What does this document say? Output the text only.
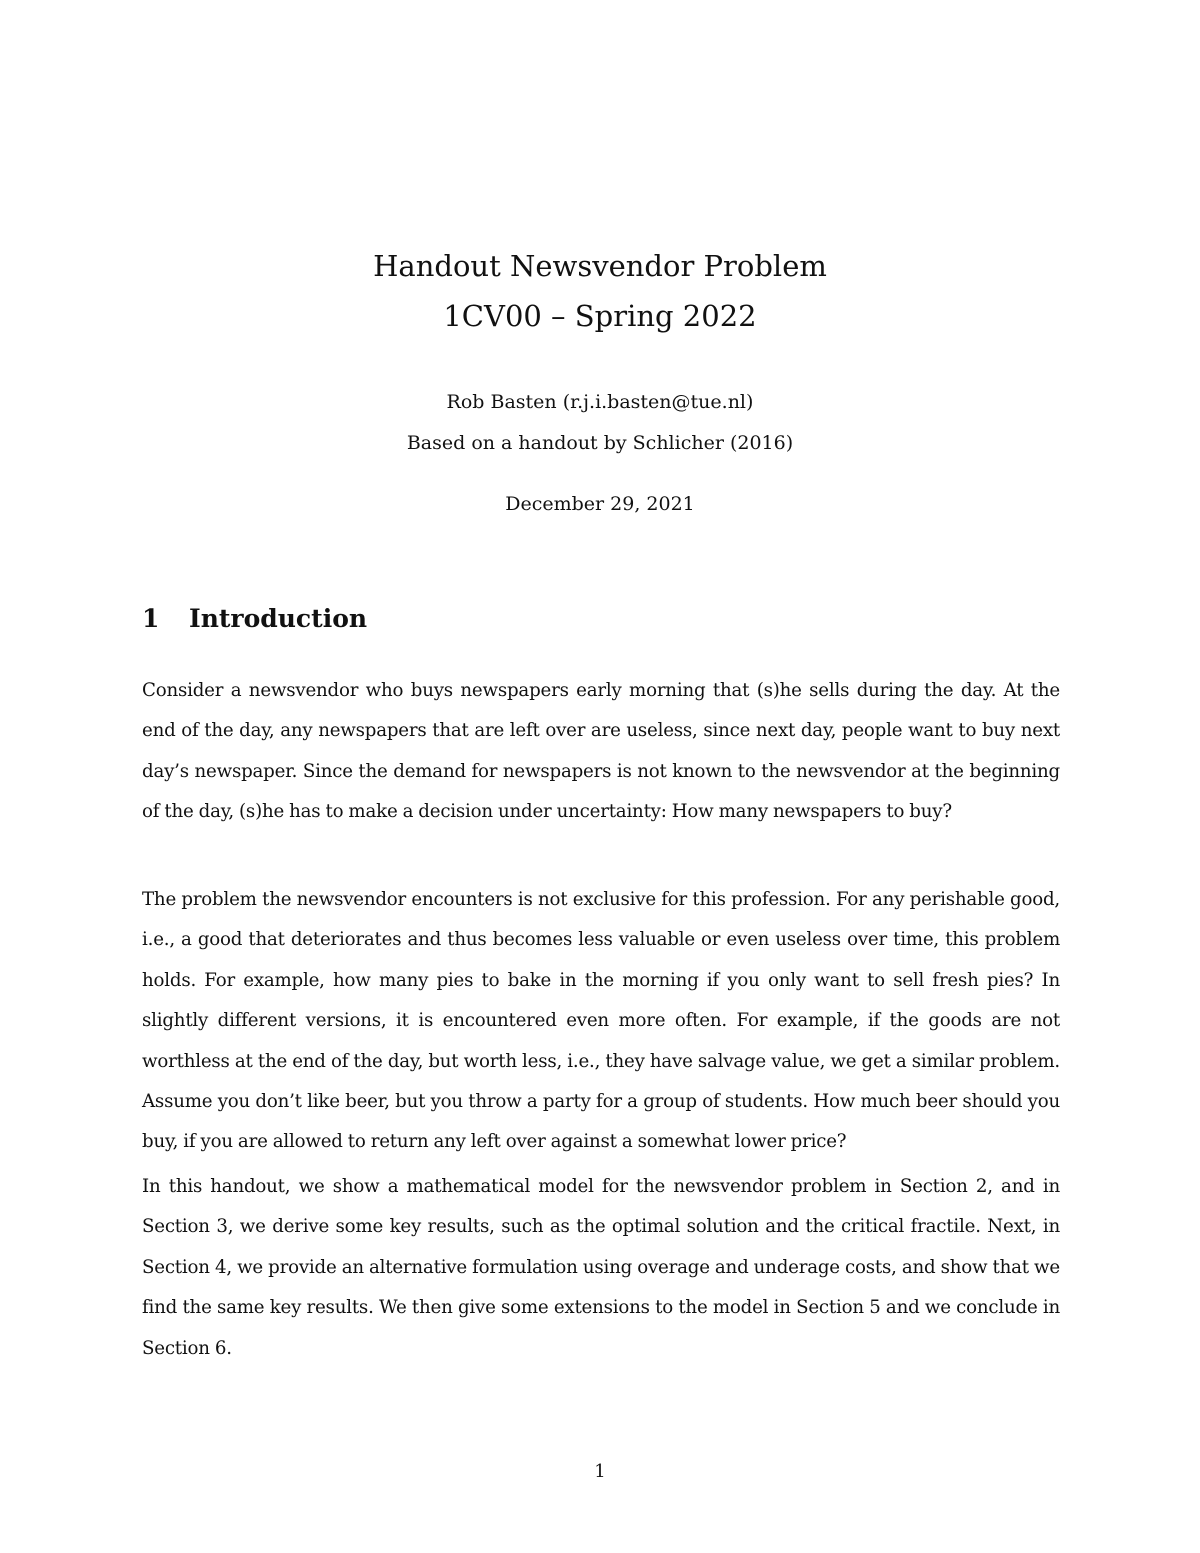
Handout Newsvendor Problem
1CV00 – Spring 2022

Rob Basten (r.j.i.basten@tue.nl)

Based on a handout by Schlicher (2016)

December 29, 2021

1 Introduction

Consider a newsvendor who buys newspapers early morning that (s)he sells during the day. At the end of the day, any newspapers that are left over are useless, since next day, people want to buy next day’s newspaper. Since the demand for newspapers is not known to the newsvendor at the beginning of the day, (s)he has to make a decision under uncertainty: How many newspapers to buy?

The problem the newsvendor encounters is not exclusive for this profession. For any perishable good, i.e., a good that deteriorates and thus becomes less valuable or even useless over time, this problem holds. For example, how many pies to bake in the morning if you only want to sell fresh pies? In slightly different versions, it is encountered even more often. For example, if the goods are not worthless at the end of the day, but worth less, i.e., they have salvage value, we get a similar problem. Assume you don’t like beer, but you throw a party for a group of students. How much beer should you buy, if you are allowed to return any left over against a somewhat lower price?

In this handout, we show a mathematical model for the newsvendor problem in Section 2, and in Section 3, we derive some key results, such as the optimal solution and the critical fractile. Next, in Section 4, we provide an alternative formulation using overage and underage costs, and show that we find the same key results. We then give some extensions to the model in Section 5 and we conclude in Section 6.

1
